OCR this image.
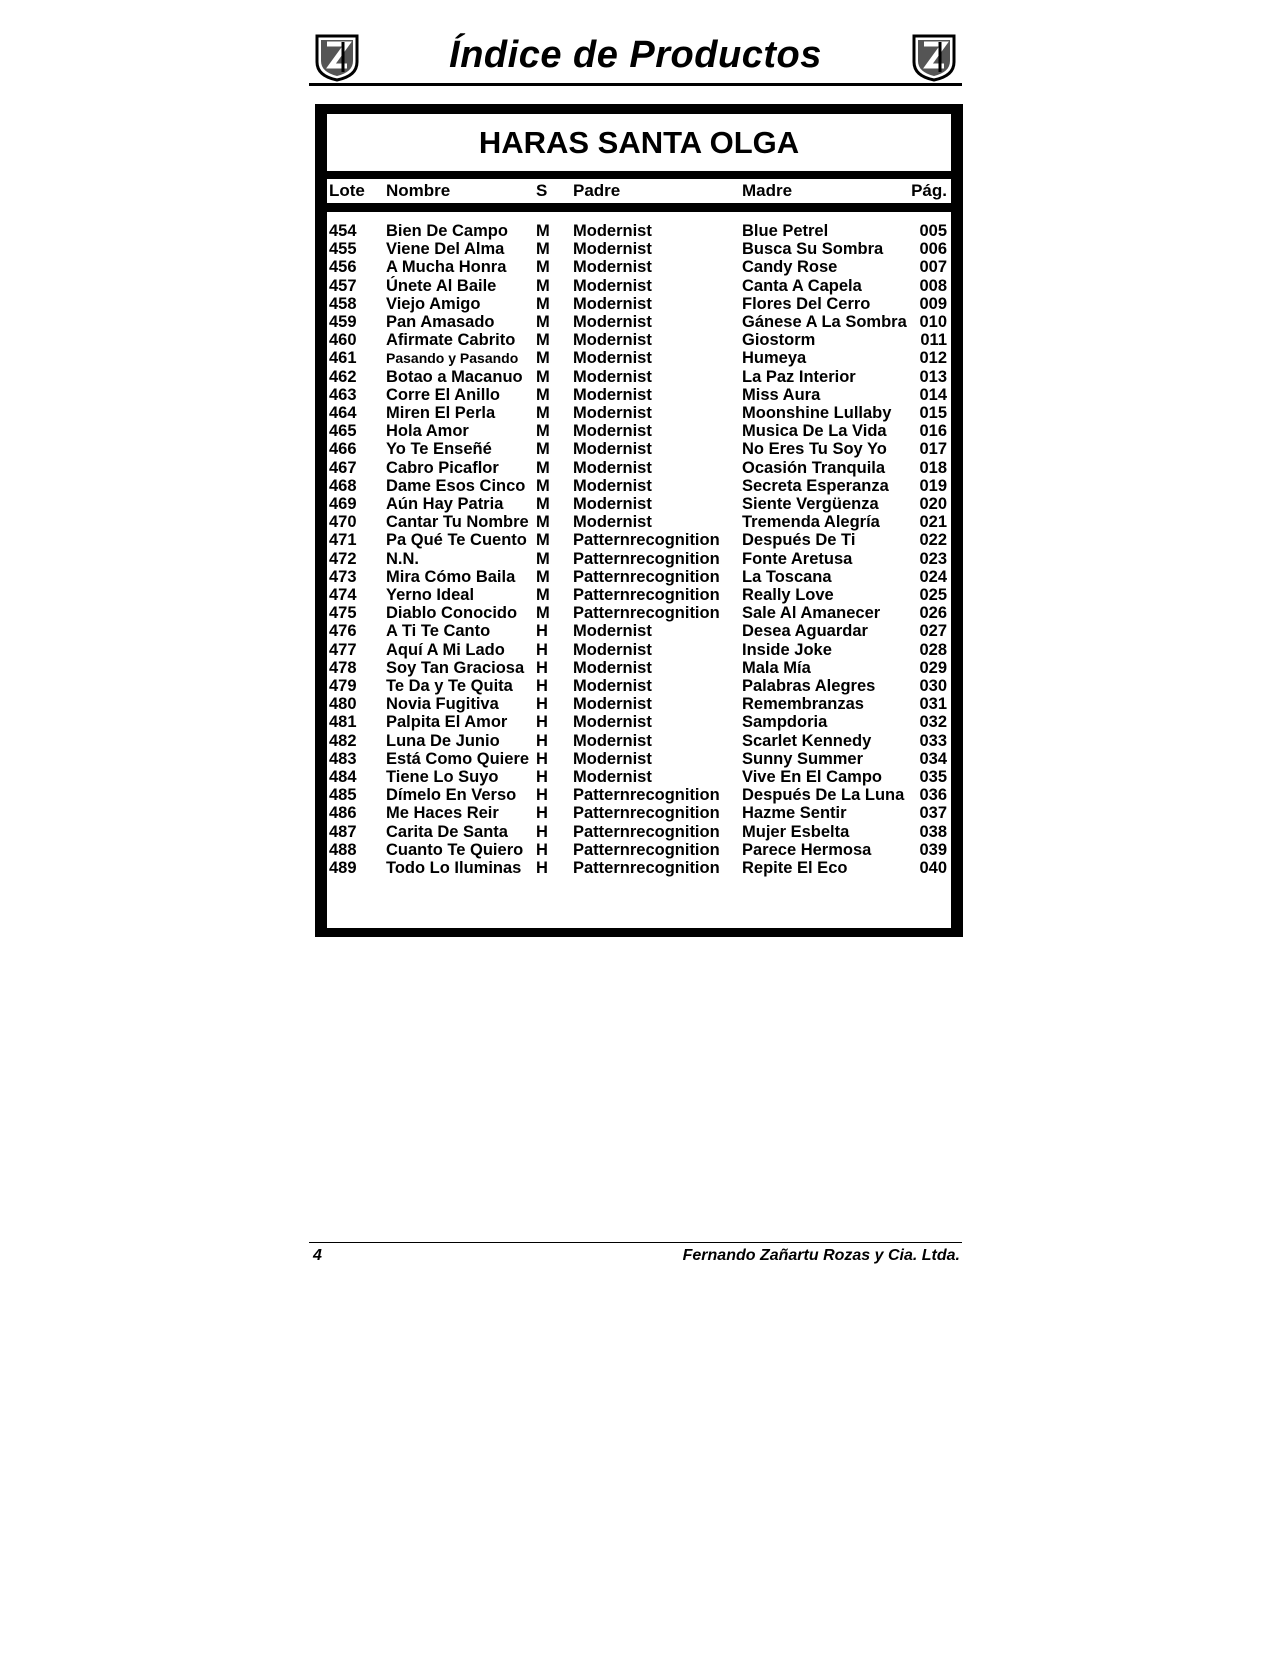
Índice de Productos
HARAS SANTA OLGA
Lote Nombre	S Padre	Madre	Pág.
454 Bien De Campo M Modernist	Blue Petrel	005
455 Viene Del Alma M Modernist	Busca Su Sombra 006
456 A Mucha Honra M Modernist	Candy Rose	007
457 Únete Al Baile M Modernist	Canta A Capela	008
458 Viejo Amigo	M Modernist	Flores Del Cerro	009
459 Pan Amasado	M Modernist	Gánese A La Sombra 010
460 Afirmate Cabrito M Modernist	Giostorm	011
461 Pasando y Pasando M Modernist	Humeya	012
462 Botao a Macanuo M Modernist	La Paz Interior	013
463 Corre El Anillo M Modernist	Miss Aura	014
464 Miren El Perla M Modernist	Moonshine Lullaby 015
465 Hola Amor	M Modernist	Musica De La Vida 016
466 Yo Te Enseñé	M Modernist	No Eres Tu Soy Yo 017
467 Cabro Picaflor M Modernist	Ocasión Tranquila 018
468 Dame Esos Cinco M Modernist	Secreta Esperanza 019
469 Aún Hay Patria M Modernist	Siente Vergüenza 020
470 Cantar Tu Nombre M Modernist	Tremenda Alegría 021
471 Pa Qué Te Cuento M Patternrecognition Después De Ti	022
472 N.N.	M Patternrecognition Fonte Aretusa	023
473 Mira Cómo Baila M Patternrecognition La Toscana	024
474 Yerno Ideal	M Patternrecognition Really Love	025
475 Diablo Conocido M Patternrecognition Sale Al Amanecer 026
476 A Ti Te Canto	H Modernist	Desea Aguardar	027
477 Aquí A Mi Lado H Modernist	Inside Joke	028
478 Soy Tan Graciosa H Modernist	Mala Mía	029
479 Te Da y Te Quita H Modernist	Palabras Alegres	030
480 Novia Fugitiva H Modernist	Remembranzas	031
481 Palpita El Amor H Modernist	Sampdoria	032
482 Luna De Junio H Modernist	Scarlet Kennedy	033
483 Está Como Quiere H Modernist	Sunny Summer	034
484 Tiene Lo Suyo H Modernist	Vive En El Campo 035
485 Dímelo En Verso H Patternrecognition Después De La Luna 036
486 Me Haces Reir H Patternrecognition Hazme Sentir	037
487 Carita De Santa H Patternrecognition Mujer Esbelta	038
488 Cuanto Te Quiero H Patternrecognition Parece Hermosa	039
489 Todo Lo Iluminas H Patternrecognition Repite El Eco	040
4	Fernando Zañartu Rozas y Cia. Ltda.
